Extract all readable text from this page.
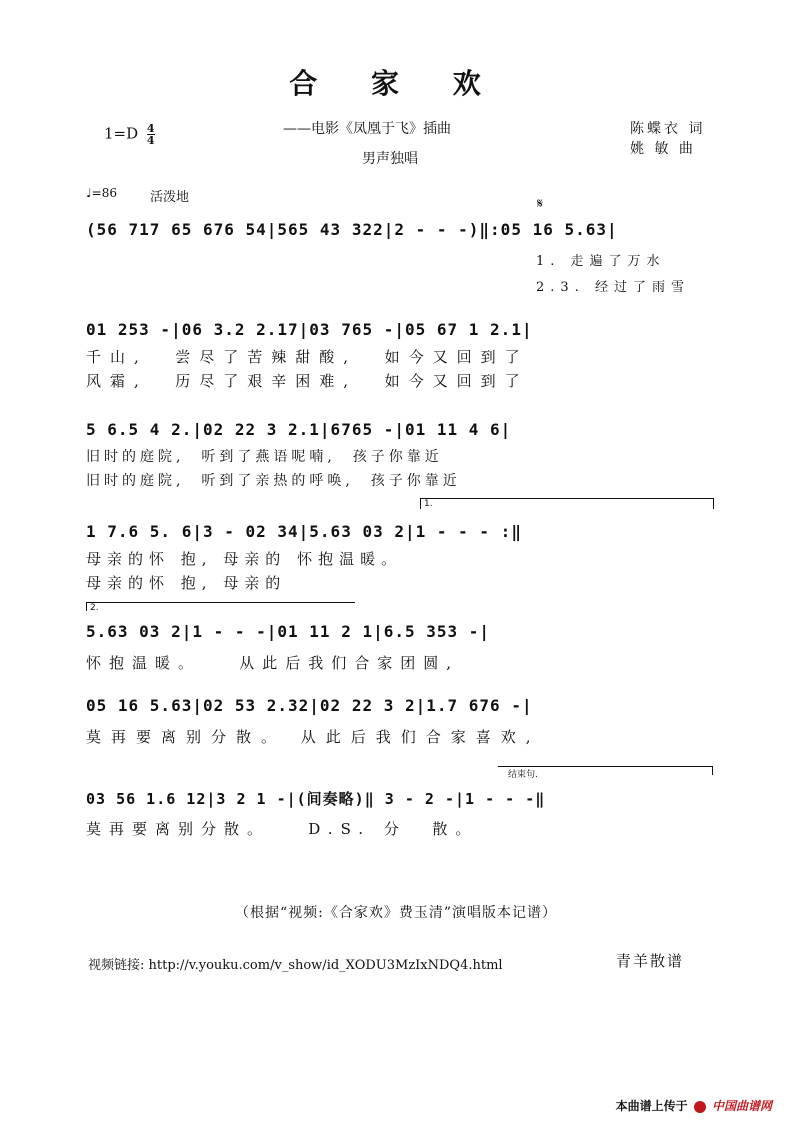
合 家 欢
——电影《凤凰于飞》插曲
男声独唱
$1=D \frac{4}{4}$	陈蝶衣 词
姚 敏 曲
♩=86	活泼地	𝄋
(56 717 65 676 54|565 43 322|2 - - -)‖:05 16 5.63|
1. 走遍了万水
2.3. 经过了雨雪
01 253 -|06 3.2 2.17|03 765 -|05 67 1 2.1|
千山,  尝尽了苦辣甜酸,  如今又回到了
风霜,  历尽了艰辛困难,  如今又回到了
5 6.5 4 2.|02 22 3 2.1|6765 -|01 11 4 6|
旧时的庭院,  听到了燕语呢喃,  孩子你靠近
旧时的庭院,  听到了亲热的呼唤,  孩子你靠近
1.
1 7.6 5. 6|3 - 02 34|5.63 03 2|1 - - - :‖
母亲的怀 抱, 母亲的 怀抱温暖。
母亲的怀 抱, 母亲的
2.
5.63 03 2|1 - - -|01 11 2 1|6.5 353 -|
怀抱温暖。   从此后我们合家团圆,
05 16 5.63|02 53 2.32|02 22 3 2|1.7 676 -|
莫再要离别分散。 从此后我们合家喜欢,
结束句.
03 56 1.6 12|3 2 1 -|(间奏略)‖ 3 - 2 -|1 - - -‖
莫再要离别分散。   D.S. 分  散。
（根据“视频:《合家欢》费玉清”演唱版本记谱）
视频链接: http://v.youku.com/v_show/id_XODU3MzIxNDQ4.html	青羊散谱
本曲谱上传于 中国曲谱网
